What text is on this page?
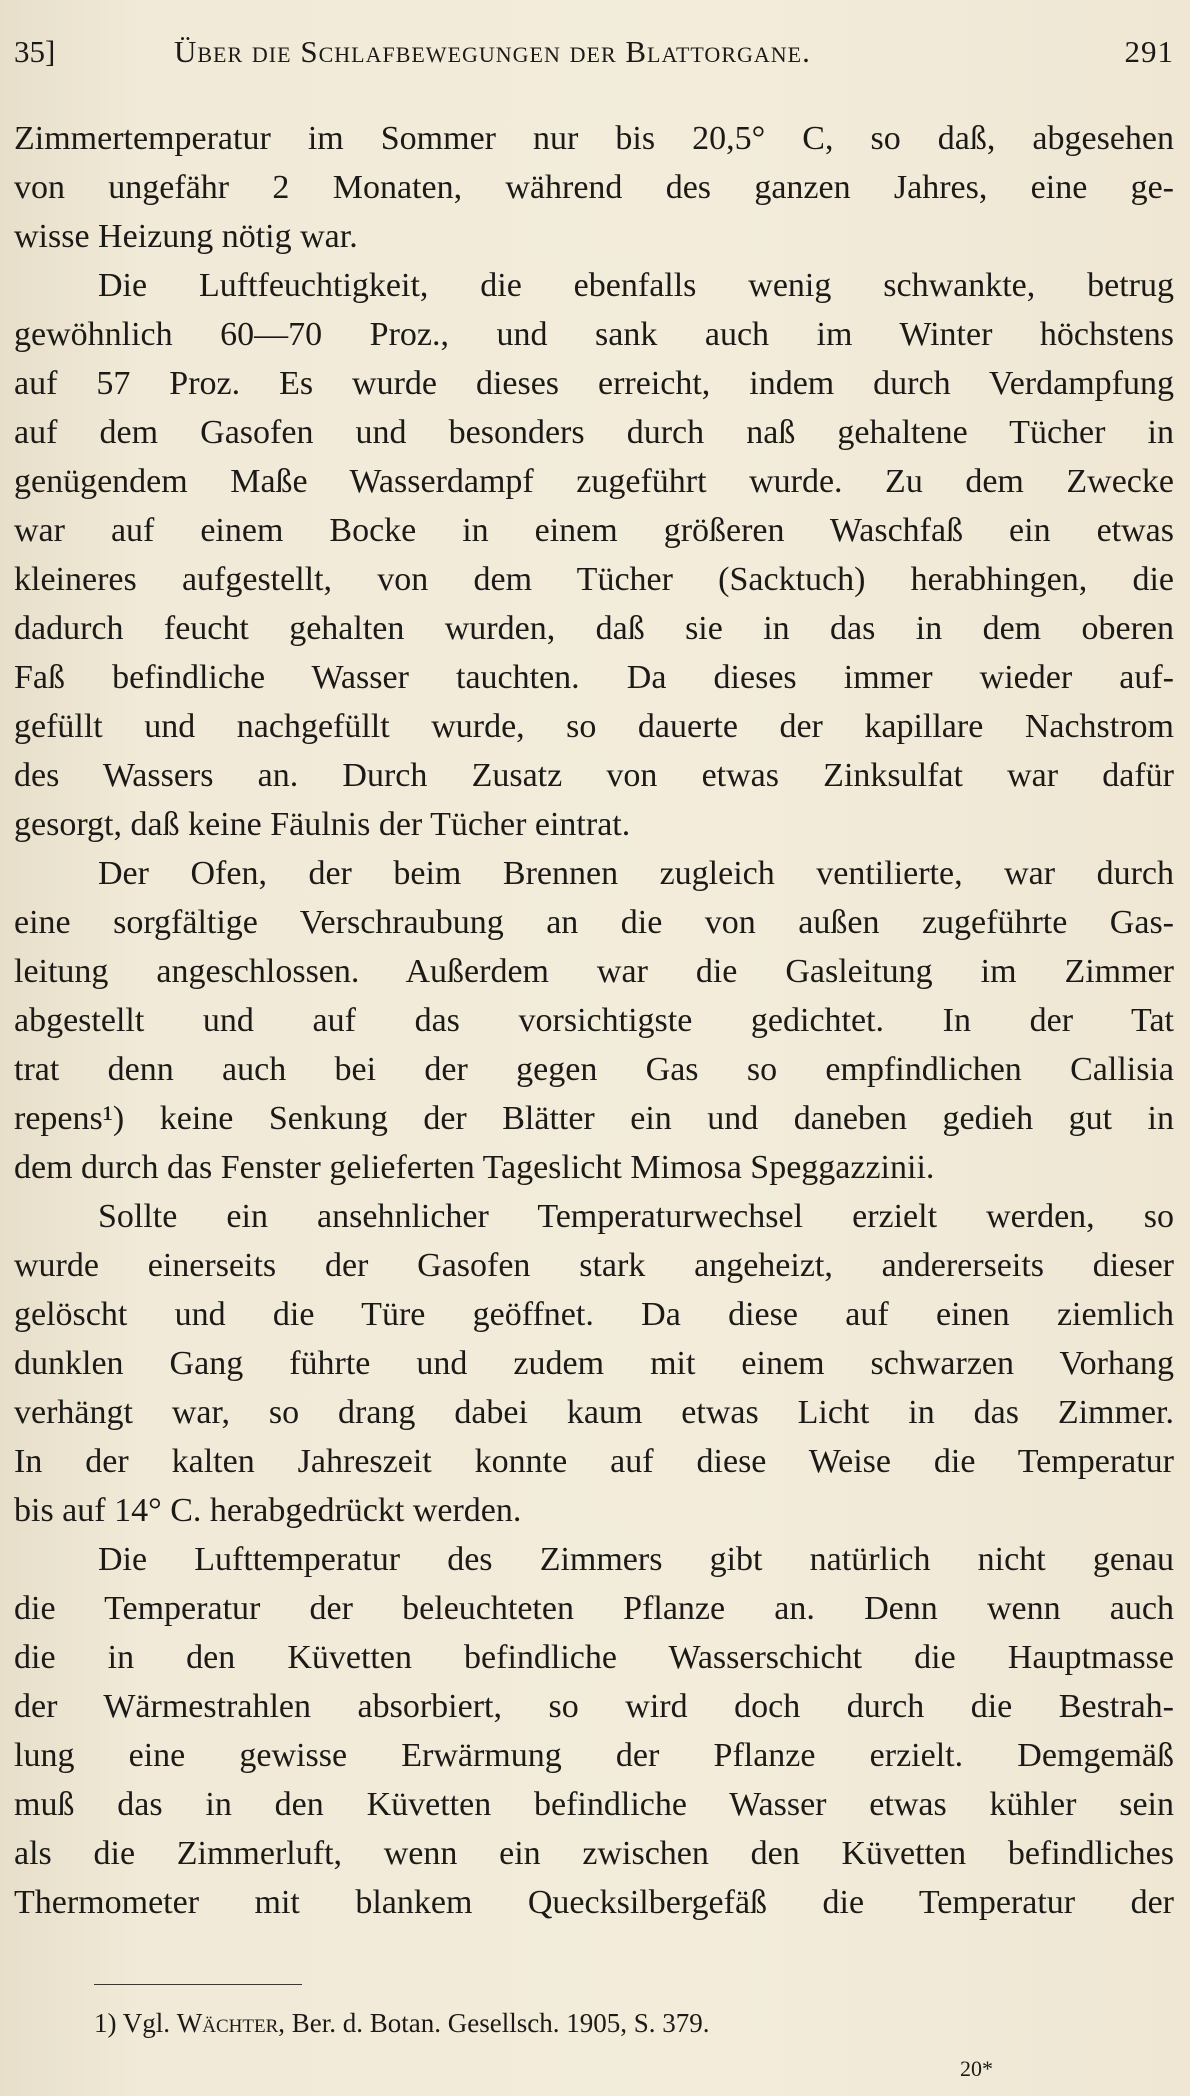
35]	Über die Schlafbewegungen der Blattorgane.	291
Zimmertemperatur im Sommer nur bis 20,5° C, so daß, abgesehen
von ungefähr 2 Monaten, während des ganzen Jahres, eine ge-
wisse Heizung nötig war.
Die Luftfeuchtigkeit, die ebenfalls wenig schwankte, betrug
gewöhnlich 60—70 Proz., und sank auch im Winter höchstens
auf 57 Proz. Es wurde dieses erreicht, indem durch Verdampfung
auf dem Gasofen und besonders durch naß gehaltene Tücher in
genügendem Maße Wasserdampf zugeführt wurde. Zu dem Zwecke
war auf einem Bocke in einem größeren Waschfaß ein etwas
kleineres aufgestellt, von dem Tücher (Sacktuch) herabhingen, die
dadurch feucht gehalten wurden, daß sie in das in dem oberen
Faß befindliche Wasser tauchten. Da dieses immer wieder auf-
gefüllt und nachgefüllt wurde, so dauerte der kapillare Nachstrom
des Wassers an. Durch Zusatz von etwas Zinksulfat war dafür
gesorgt, daß keine Fäulnis der Tücher eintrat.
Der Ofen, der beim Brennen zugleich ventilierte, war durch
eine sorgfältige Verschraubung an die von außen zugeführte Gas-
leitung angeschlossen. Außerdem war die Gasleitung im Zimmer
abgestellt und auf das vorsichtigste gedichtet. In der Tat
trat denn auch bei der gegen Gas so empfindlichen Callisia
repens¹) keine Senkung der Blätter ein und daneben gedieh gut in
dem durch das Fenster gelieferten Tageslicht Mimosa Speggazzinii.
Sollte ein ansehnlicher Temperaturwechsel erzielt werden, so
wurde einerseits der Gasofen stark angeheizt, andererseits dieser
gelöscht und die Türe geöffnet. Da diese auf einen ziemlich
dunklen Gang führte und zudem mit einem schwarzen Vorhang
verhängt war, so drang dabei kaum etwas Licht in das Zimmer.
In der kalten Jahreszeit konnte auf diese Weise die Temperatur
bis auf 14° C. herabgedrückt werden.
Die Lufttemperatur des Zimmers gibt natürlich nicht genau
die Temperatur der beleuchteten Pflanze an. Denn wenn auch
die in den Küvetten befindliche Wasserschicht die Hauptmasse
der Wärmestrahlen absorbiert, so wird doch durch die Bestrah-
lung eine gewisse Erwärmung der Pflanze erzielt. Demgemäß
muß das in den Küvetten befindliche Wasser etwas kühler sein
als die Zimmerluft, wenn ein zwischen den Küvetten befindliches
Thermometer mit blankem Quecksilbergefäß die Temperatur der
1) Vgl. Wächter, Ber. d. Botan. Gesellsch. 1905, S. 379.
20*
